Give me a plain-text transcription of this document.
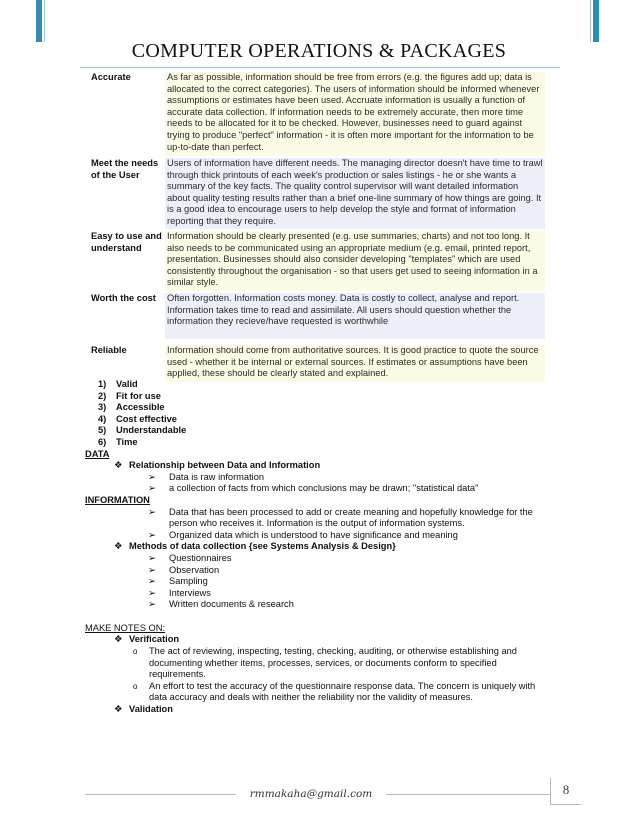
COMPUTER OPERATIONS & PACKAGES
Accurate	As far as possible, information should be free from errors (e.g. the figures add up; data is allocated to the correct categories). The users of information should be informed whenever assumptions or estimates have been used. Accruate information is usually a function of accurate data collection. If information needs to be extremely accurate, then more time needs to be allocated for it to be checked. However, businesses need to guard against trying to produce "perfect" information - it is often more important for the information to be up-to-date than perfect.

Meet the needs of the User	Users of information have different needs. The managing director doesn't have time to trawl through thick printouts of each week's production or sales listings - he or she wants a summary of the key facts. The quality control supervisor will want detailed information about quality testing results rather than a brief one-line summary of how things are going. It is a good idea to encourage users to help develop the style and format of information reporting that they require.

Easy to use and understand	Information should be clearly presented (e.g. use summaries, charts) and not too long. It also needs to be communicated using an appropriate medium (e.g. email, printed report, presentation. Businesses should also consider developing "templates" which are used consistently throughout the organisation - so that users get used to seeing information in a similar style.

Worth the cost	Often forgotten. Information costs money. Data is costly to collect, analyse and report. Information takes time to read and assimilate. All users should question whether the information they recieve/have requested is worthwhile

Reliable	Information should come from authoritative sources. It is good practice to quote the source used - whether it be internal or external sources. If estimates or assumptions have been applied, these should be clearly stated and explained.
1) Valid
2) Fit for use
3) Accessible
4) Cost effective
5) Understandable
6) Time
DATA
❖ Relationship between Data and Information
➢ Data is raw information
➢ a collection of facts from which conclusions may be drawn; "statistical data"
INFORMATION
➢ Data that has been processed to add or create meaning and hopefully knowledge for the person who receives it. Information is the output of information systems.
➢ Organized data which is understood to have significance and meaning
❖ Methods of data collection {see Systems Analysis & Design}
➢ Questionnaires
➢ Observation
➢ Sampling
➢ Interviews
➢ Written documents & research
MAKE NOTES ON:
❖ Verification
o The act of reviewing, inspecting, testing, checking, auditing, or otherwise establishing and documenting whether items, processes, services, or documents conform to specified requirements.
o An effort to test the accuracy of the questionnaire response data. The concern is uniquely with data accuracy and deals with neither the reliability nor the validity of measures.
❖ Validation
rmmakaha@gmail.com	8
